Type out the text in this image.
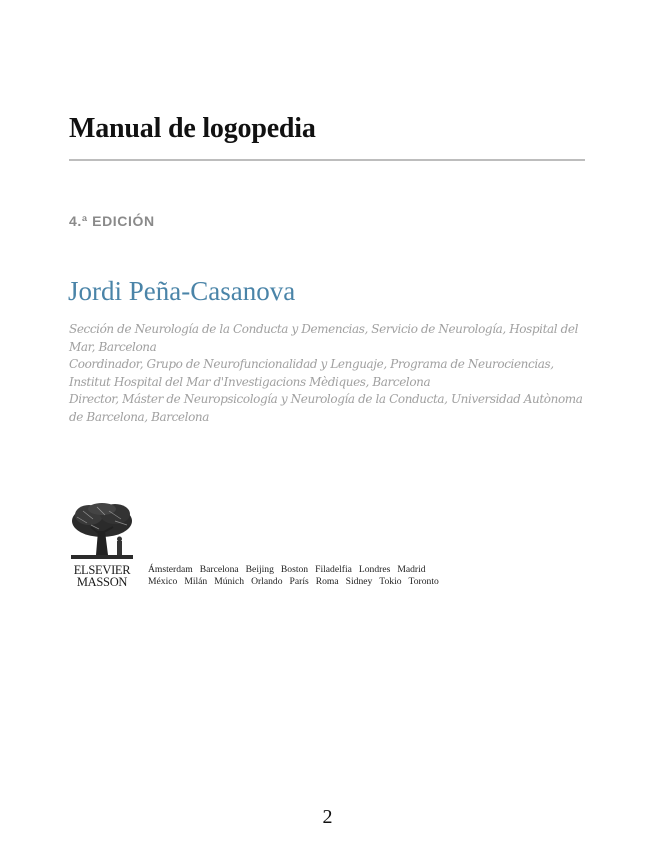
Manual de logopedia
4.ª EDICIÓN
Jordi Peña-Casanova
Sección de Neurología de la Conducta y Demencias, Servicio de Neurología, Hospital del Mar, Barcelona
Coordinador, Grupo de Neurofuncionalidad y Lenguaje, Programa de Neurociencias, Institut Hospital del Mar d'Investigacions Mèdiques, Barcelona
Director, Máster de Neuropsicología y Neurología de la Conducta, Universidad Autònoma de Barcelona, Barcelona
ELSEVIER
MASSON
Ámsterdam Barcelona Beijing Boston Filadelfia Londres Madrid
México Milán Múnich Orlando París Roma Sidney Tokio Toronto
2
